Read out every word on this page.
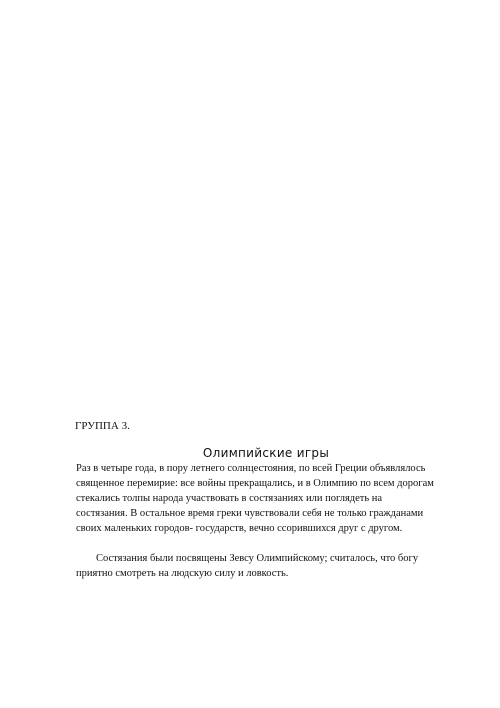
ГРУППА 3.
Олимпийские игры
Раз в четыре года, в пору летнего солнцестояния, по всей Греции объявлялось
священное перемирие: все войны прекращались, и в Олимпию по всем дорогам
стекались толпы народа участвовать в состязаниях или поглядеть на
состязания. В остальное время греки чувствовали себя не только гражданами
своих маленьких городов- государств, вечно ссорившихся друг с другом.
Состязания были посвящены Зевсу Олимпийскому; считалось, что богу
приятно смотреть на людскую силу и ловкость.
